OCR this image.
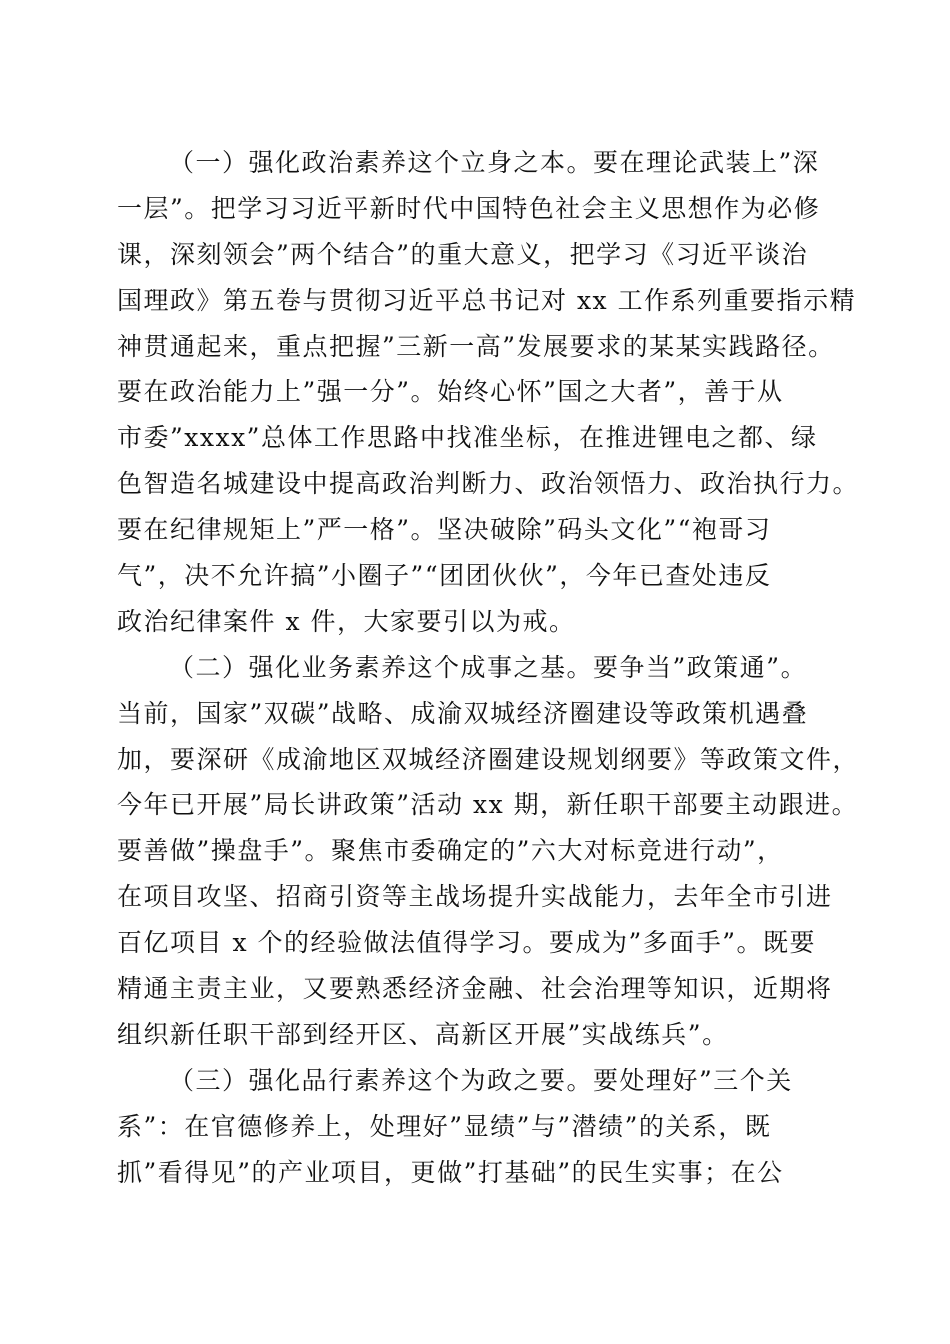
（一）强化政治素养这个立身之本。要在理论武装上”深
一层”。把学习习近平新时代中国特色社会主义思想作为必修
课，深刻领会”两个结合”的重大意义，把学习《习近平谈治
国理政》第五卷与贯彻习近平总书记对 xx 工作系列重要指示精
神贯通起来，重点把握”三新一高”发展要求的某某实践路径。
要在政治能力上”强一分”。始终心怀”国之大者”，善于从
市委”xxxx”总体工作思路中找准坐标，在推进锂电之都、绿
色智造名城建设中提高政治判断力、政治领悟力、政治执行力。
要在纪律规矩上”严一格”。坚决破除”码头文化”“袍哥习
气”，决不允许搞”小圈子”“团团伙伙”，今年已查处违反
政治纪律案件 x 件，大家要引以为戒。
（二）强化业务素养这个成事之基。要争当”政策通”。
当前，国家”双碳”战略、成渝双城经济圈建设等政策机遇叠
加，要深研《成渝地区双城经济圈建设规划纲要》等政策文件，
今年已开展”局长讲政策”活动 xx 期，新任职干部要主动跟进。
要善做”操盘手”。聚焦市委确定的”六大对标竞进行动”，
在项目攻坚、招商引资等主战场提升实战能力，去年全市引进
百亿项目 x 个的经验做法值得学习。要成为”多面手”。既要
精通主责主业，又要熟悉经济金融、社会治理等知识，近期将
组织新任职干部到经开区、高新区开展”实战练兵”。
（三）强化品行素养这个为政之要。要处理好”三个关
系”：在官德修养上，处理好”显绩”与”潜绩”的关系，既
抓”看得见”的产业项目，更做”打基础”的民生实事；在公
